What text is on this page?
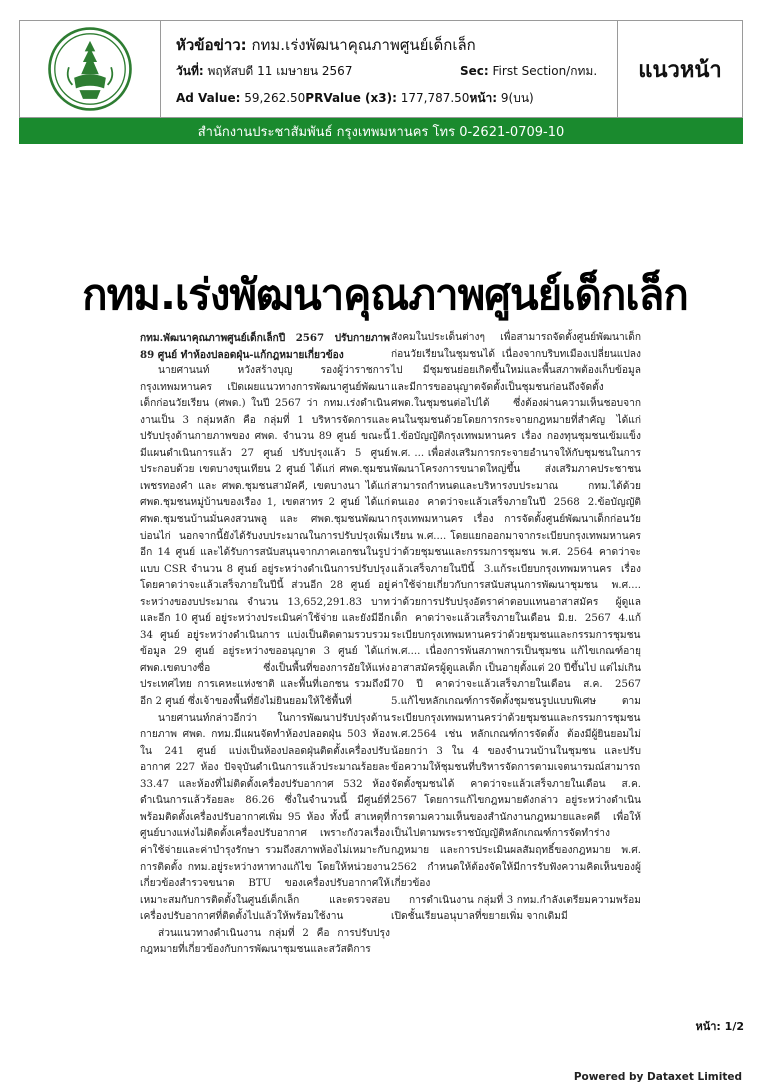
หัวข้อข่าว: กทม.เร่งพัฒนาคุณภาพศูนย์เด็กเล็ก
วันที่: พฤหัสบดี 11 เมษายน 2567	Sec: First Section/กทม.
Ad Value: 59,262.50PRValue (x3): 177,787.50หน้า: 9(บน)
แนวหน้า
สำนักงานประชาสัมพันธ์ กรุงเทพมหานคร โทร 0-2621-0709-10
กทม.เร่งพัฒนาคุณภาพศูนย์เด็กเล็ก

กทม.พัฒนาคุณภาพศูนย์เด็กเล็กปี 2567 ปรับกายภาพ 89 ศูนย์ ทำห้องปลอดฝุ่น-แก้กฎหมายเกี่ยวข้อง

นายศานนท์ หวังสร้างบุญ รองผู้ว่าราชการกรุงเทพมหานคร เปิดเผยแนวทางการพัฒนาศูนย์พัฒนาเด็กก่อนวัยเรียน (ศพด.) ในปี 2567 ว่า กทม.เร่งดำเนินงานเป็น 3 กลุ่มหลัก คือ กลุ่มที่ 1 บริหารจัดการและปรับปรุงด้านกายภาพของ ศพด. จำนวน 89 ศูนย์ ขณะนี้ มีแผนดำเนินการแล้ว 27 ศูนย์ ปรับปรุงแล้ว 5 ศูนย์ ประกอบด้วย เขตบางขุนเทียน 2 ศูนย์ ได้แก่ ศพด.ชุมชนเพชรทองคำ และ ศพด.ชุมชนสามัคคี, เขตบางนา ได้แก่ ศพด.ชุมชนหมู่บ้านของเรือง 1, เขตสาทร 2 ศูนย์ ได้แก่ ศพด.ชุมชนบ้านมั่นคงสวนพลู และ ศพด.ชุมชนพัฒนาบ่อนไก่ นอกจากนี้ยังได้รับงบประมาณในการปรับปรุงเพิ่มอีก 14 ศูนย์ และได้รับการสนับสนุนจากภาคเอกชนในรูปแบบ CSR จำนวน 8 ศูนย์ อยู่ระหว่างดำเนินการปรับปรุง โดยคาดว่าจะแล้วเสร็จภายในปีนี้ ส่วนอีก 28 ศูนย์ อยู่ระหว่างของบประมาณ จำนวน 13,652,291.83 บาท และอีก 10 ศูนย์ อยู่ระหว่างประเมินค่าใช้จ่าย และยังมีอีก 34 ศูนย์ อยู่ระหว่างดำเนินการ แบ่งเป็นติดตามรวบรวมข้อมูล 29 ศูนย์ อยู่ระหว่างขออนุญาต 3 ศูนย์ ได้แก่ ศพด.เขตบางซื่อ ซึ่งเป็นพื้นที่ของการอัยให้แห่งประเทศไทย การเคหะแห่งชาติ และพื้นที่เอกชน รวมถึงมีอีก 2 ศูนย์ ซึ่งเจ้าของพื้นที่ยังไม่ยินยอมให้ใช้พื้นที่

นายศานนท์กล่าวอีกว่า ในการพัฒนาปรับปรุงด้านกายภาพ ศพด. กทม.มีแผนจัดทำห้องปลอดฝุ่น 503 ห้อง ใน 241 ศูนย์ แบ่งเป็นห้องปลอดฝุ่นติดตั้งเครื่องปรับอากาศ 227 ห้อง ปัจจุบันดำเนินการแล้วประมาณร้อยละ 33.47 และห้องที่ไม่ติดตั้งเครื่องปรับอากาศ 532 ห้อง ดำเนินการแล้วร้อยละ 86.26 ซึ่งในจำนวนนี้ มีศูนย์ที่พร้อมติดตั้งเครื่องปรับอากาศเพิ่ม 95 ห้อง ทั้งนี้ สาเหตุที่ศูนย์บางแห่งไม่ติดตั้งเครื่องปรับอากาศ เพราะกังวลเรื่องค่าใช้จ่ายและค่าบำรุงรักษา รวมถึงสภาพห้องไม่เหมาะกับการติดตั้ง กทม.อยู่ระหว่างหาทางแก้ไข โดยให้หน่วยงานเกี่ยวข้องสำรวจขนาด BTU ของเครื่องปรับอากาศให้เหมาะสมกับการติดตั้งในศูนย์เด็กเล็ก และตรวจสอบเครื่องปรับอากาศที่ติดตั้งไปแล้วให้พร้อมใช้งาน

ส่วนแนวทางดำเนินงาน กลุ่มที่ 2 คือ การปรับปรุงกฎหมายที่เกี่ยวข้องกับการพัฒนาชุมชนและสวัสดิการ

สังคมในประเด็นต่างๆ เพื่อสามารถจัดตั้งศูนย์พัฒนาเด็กก่อนวัยเรียนในชุมชนได้ เนื่องจากบริบทเมืองเปลี่ยนแปลงไป มีชุมชนย่อยเกิดขึ้นใหม่และพื้นสภาพต้องเก็บข้อมูลและมีการขออนุญาตจัดตั้งเป็นชุมชนก่อนถึงจัดตั้ง ศพด.ในชุมชนต่อไปได้ ซึ่งต้องผ่านความเห็นชอบจากคนในชุมชนด้วยโดยการกระจายกฎหมายที่สำคัญ ได้แก่ 1.ข้อบัญญัติกรุงเทพมหานคร เรื่อง กองทุนชุมชนเข้มแข็ง พ.ศ. ... เพื่อส่งเสริมการกระจายอำนาจให้กับชุมชนในการพัฒนาโครงการขนาดใหญ่ขึ้น ส่งเสริมภาคประชาชนสามารถกำหนดและบริหารงบประมาณ กทม.ได้ด้วยตนเอง คาดว่าจะแล้วเสร็จภายในปี 2568 2.ข้อบัญญัติกรุงเทพมหานคร เรื่อง การจัดตั้งศูนย์พัฒนาเด็กก่อนวัยเรียน พ.ศ.... โดยแยกออกมาจากระเบียบกรุงเทพมหานครว่าด้วยชุมชนและกรรมการชุมชน พ.ศ. 2564 คาดว่าจะแล้วเสร็จภายในปีนี้ 3.แก้ระเบียบกรุงเทพมหานคร เรื่อง ค่าใช้จ่ายเกี่ยวกับการสนับสนุนการพัฒนาชุมชน พ.ศ.... ว่าด้วยการปรับปรุงอัตราค่าตอบแทนอาสาสมัคร ผู้ดูแลเด็ก คาดว่าจะแล้วเสร็จภายในเดือน มิ.ย. 2567 4.แก้ระเบียบกรุงเทพมหานครว่าด้วยชุมชนและกรรมการชุมชน พ.ศ.... เนื่องการพ้นสภาพการเป็นชุมชน แก้ไขเกณฑ์อายุอาสาสมัครผู้ดูแลเด็ก เป็นอายุตั้งแต่ 20 ปีขึ้นไป แต่ไม่เกิน 70 ปี คาดว่าจะแล้วเสร็จภายในเดือน ส.ค. 2567 5.แก้ไขหลักเกณฑ์การจัดตั้งชุมชนรูปแบบพิเศษ ตามระเบียบกรุงเทพมหานครว่าด้วยชุมชนและกรรมการชุมชน พ.ศ.2564 เช่น หลักเกณฑ์การจัดตั้ง ต้องมีผู้ยินยอมไม่น้อยกว่า 3 ใน 4 ของจำนวนบ้านในชุมชน และปรับข้อความให้ชุมชนที่บริหารจัดการตามเจตนารมณ์สามารถจัดตั้งชุมชนได้ คาดว่าจะแล้วเสร็จภายในเดือน ส.ค. 2567 โดยการแก้ไขกฎหมายดังกล่าว อยู่ระหว่างดำเนินการตามความเห็นของสำนักงานกฎหมายและคดี เพื่อให้เป็นไปตามพระราชบัญญัติหลักเกณฑ์การจัดทำร่างกฎหมาย และการประเมินผลสัมฤทธิ์ของกฎหมาย พ.ศ. 2562 กำหนดให้ต้องจัดให้มีการรับฟังความคิดเห็นของผู้เกี่ยวข้อง

การดำเนินงาน กลุ่มที่ 3 กทม.กำลังเตรียมความพร้อมเปิดชั้นเรียนอนุบาลที่ขยายเพิ่ม จากเดิมมี

หน้า: 1/2
Powered by Dataxet Limited
